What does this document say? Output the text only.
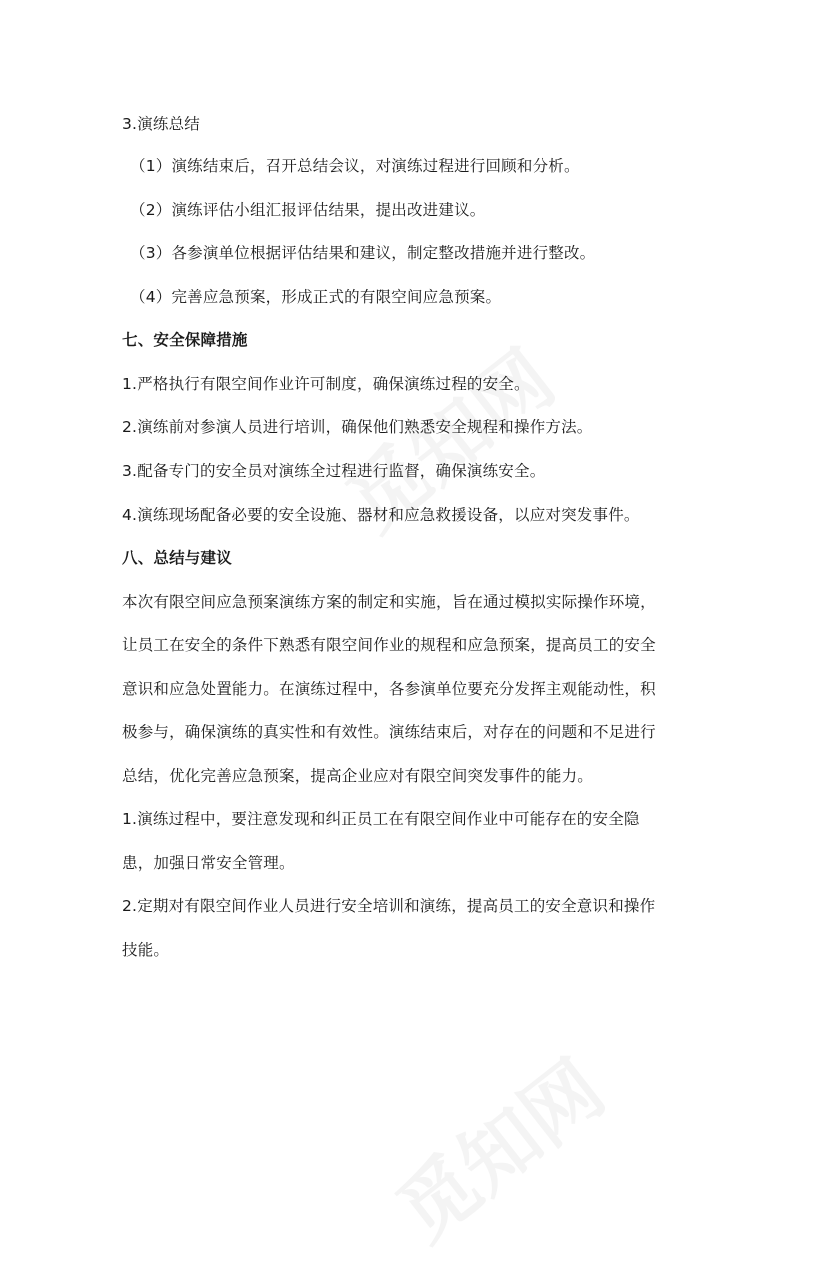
3.演练总结
（1）演练结束后，召开总结会议，对演练过程进行回顾和分析。
（2）演练评估小组汇报评估结果，提出改进建议。
（3）各参演单位根据评估结果和建议，制定整改措施并进行整改。
（4）完善应急预案，形成正式的有限空间应急预案。
七、安全保障措施
1.严格执行有限空间作业许可制度，确保演练过程的安全。
2.演练前对参演人员进行培训，确保他们熟悉安全规程和操作方法。
3.配备专门的安全员对演练全过程进行监督，确保演练安全。
4.演练现场配备必要的安全设施、器材和应急救援设备，以应对突发事件。
八、总结与建议
本次有限空间应急预案演练方案的制定和实施，旨在通过模拟实际操作环境，
让员工在安全的条件下熟悉有限空间作业的规程和应急预案，提高员工的安全
意识和应急处置能力。在演练过程中，各参演单位要充分发挥主观能动性，积
极参与，确保演练的真实性和有效性。演练结束后，对存在的问题和不足进行
总结，优化完善应急预案，提高企业应对有限空间突发事件的能力。
1.演练过程中，要注意发现和纠正员工在有限空间作业中可能存在的安全隐
患，加强日常安全管理。
2.定期对有限空间作业人员进行安全培训和演练，提高员工的安全意识和操作
技能。
